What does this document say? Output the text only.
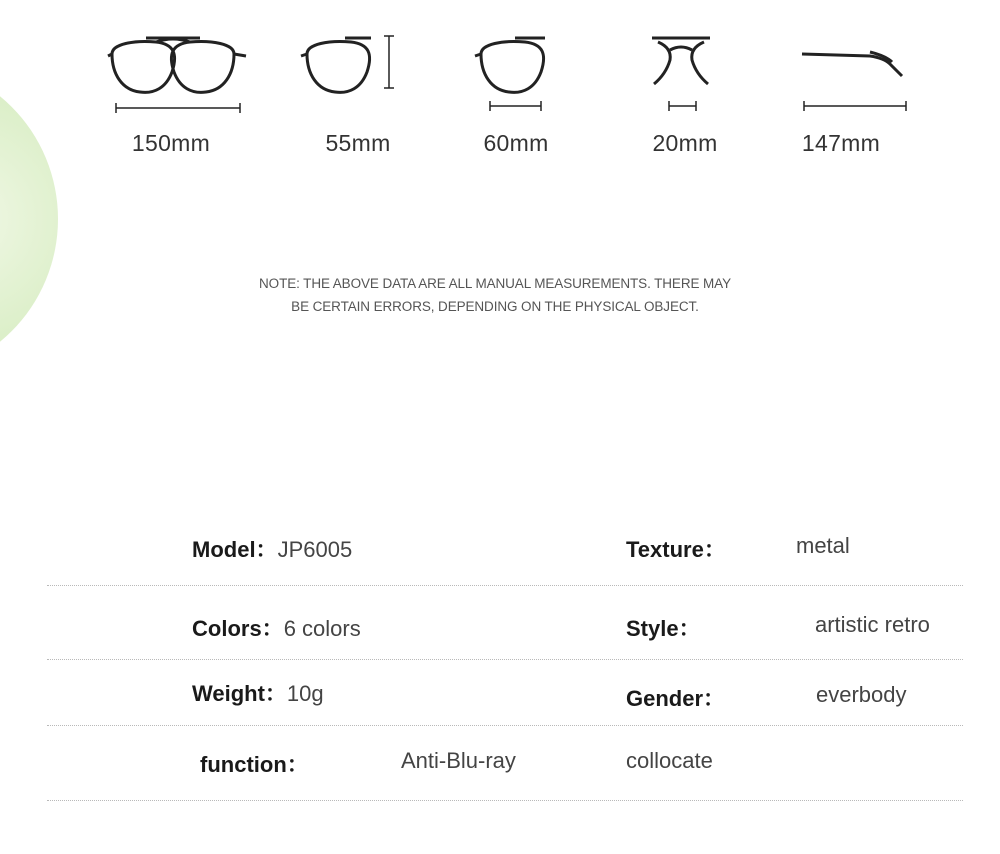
150mm	55mm	60mm	20mm	147mm
NOTE: THE ABOVE DATA ARE ALL MANUAL MEASUREMENTS. THERE MAY
BE CERTAIN ERRORS, DEPENDING ON THE PHYSICAL OBJECT.
Model：JP6005	Texture：	metal
Colors：6 colors	Style：	artistic retro
Weight：10g	Gender：	everbody
function：	Anti-Blu-ray	collocate
